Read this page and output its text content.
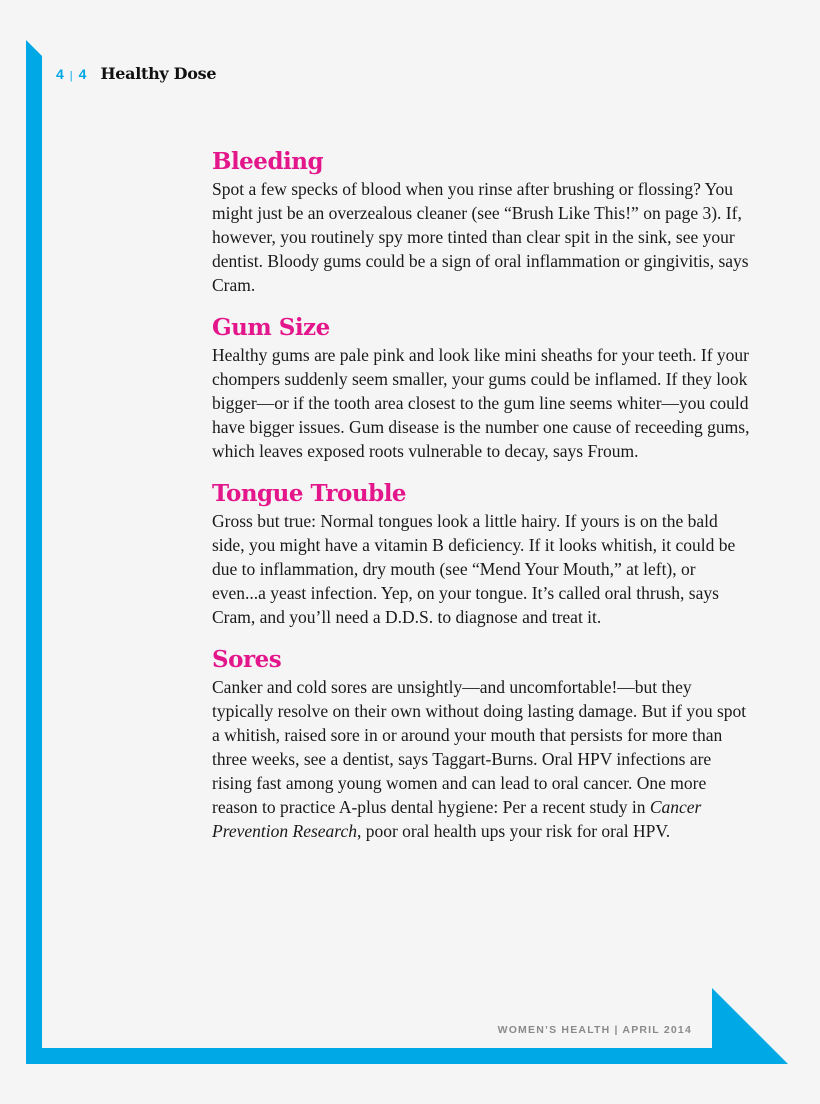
4 | 4 Healthy Dose
Bleeding

Spot a few specks of blood when you rinse after brushing or flossing? You might just be an overzealous cleaner (see “Brush Like This!” on page 3). If, however, you routinely spy more tinted than clear spit in the sink, see your dentist. Bloody gums could be a sign of oral inflammation or gingivitis, says Cram.

Gum Size

Healthy gums are pale pink and look like mini sheaths for your teeth. If your chompers suddenly seem smaller, your gums could be inflamed. If they look bigger—or if the tooth area closest to the gum line seems whiter—you could have bigger issues. Gum disease is the number one cause of receeding gums, which leaves exposed roots vulnerable to decay, says Froum.

Tongue Trouble

Gross but true: Normal tongues look a little hairy. If yours is on the bald side, you might have a vitamin B deficiency. If it looks whitish, it could be due to inflammation, dry mouth (see “Mend Your Mouth,” at left), or even...a yeast infection. Yep, on your tongue. It’s called oral thrush, says Cram, and you’ll need a D.D.S. to diagnose and treat it.

Sores

Canker and cold sores are unsightly—and uncomfortable!—but they typically resolve on their own without doing lasting damage. But if you spot a whitish, raised sore in or around your mouth that persists for more than three weeks, see a dentist, says Taggart-Burns. Oral HPV infections are rising fast among young women and can lead to oral cancer. One more reason to practice A-plus dental hygiene: Per a recent study in Cancer Prevention Research, poor oral health ups your risk for oral HPV.

WOMEN’S HEALTH | APRIL 2014
